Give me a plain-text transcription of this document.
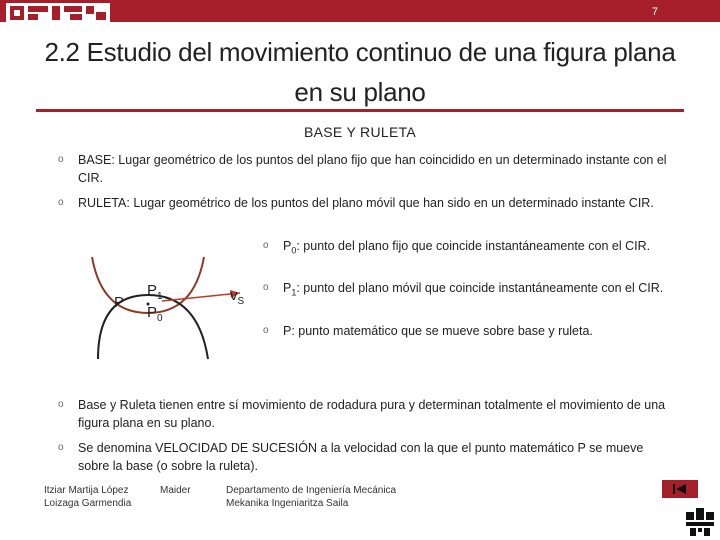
7
2.2 Estudio del movimiento continuo de una figura plana en su plano
BASE Y RULETA
o BASE: Lugar geométrico de los puntos del plano fijo que han coincidido en un determinado instante con el CIR.
o RULETA: Lugar geométrico de los puntos del plano móvil que han sido en un determinado instante CIR.
o $P_0$: punto del plano fijo que coincide instantáneamente con el CIR.
o $P_1$: punto del plano móvil que coincide instantáneamente con el CIR.
o P: punto matemático que se mueve sobre base y ruleta.
P
$P_1$
$P_0$
$v_S$
o Base y Ruleta tienen entre sí movimiento de rodadura pura y determinan totalmente el movimiento de una figura plana en su plano.
o Se denomina VELOCIDAD DE SUCESIÓN a la velocidad con la que el punto matemático P se mueve sobre la base (o sobre la ruleta).
Itziar Martija López
Loizaga Garmendia
Maider	Departamento de Ingeniería Mecánica
Mekanika Ingeniaritza Saila
